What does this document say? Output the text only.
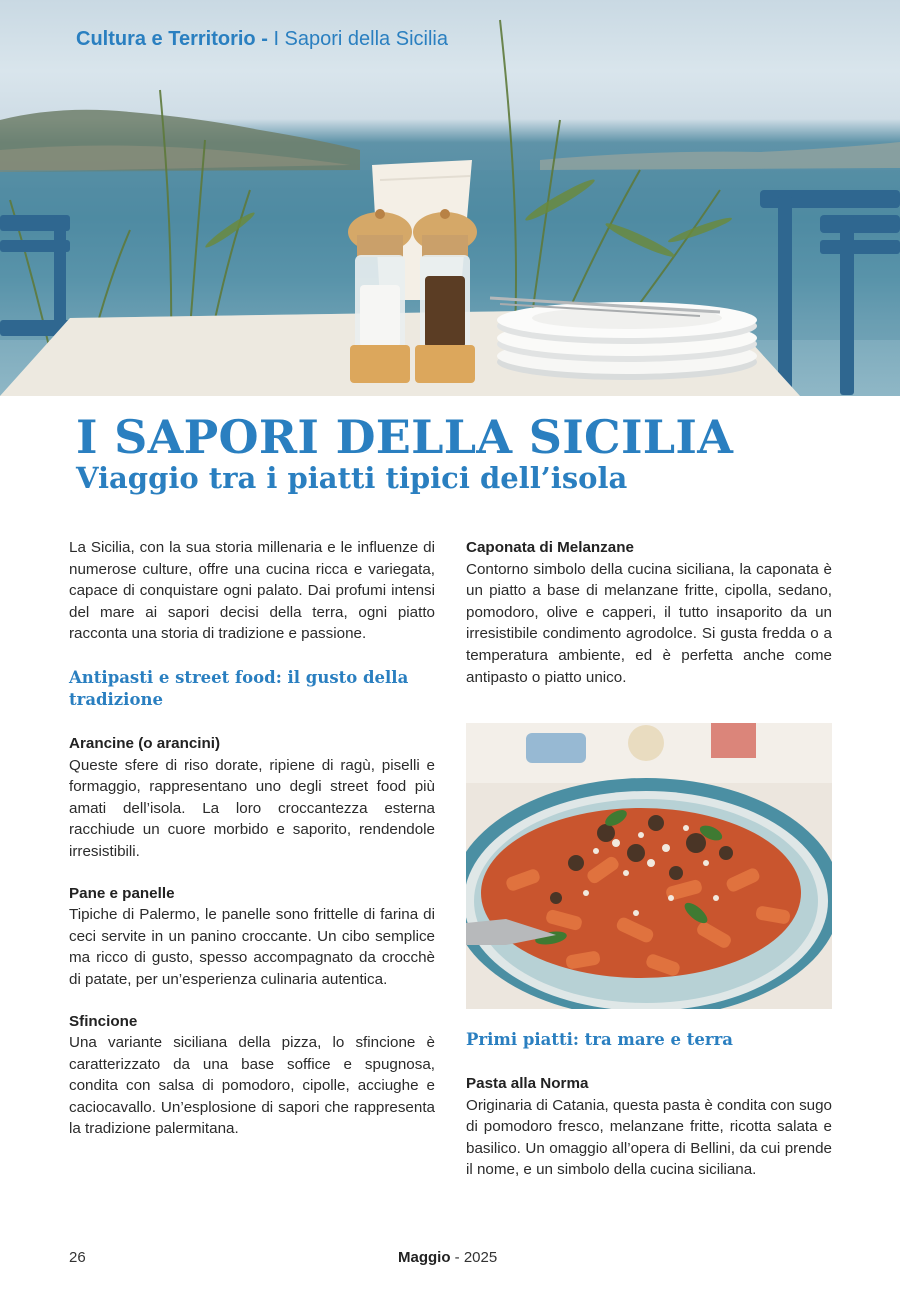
Cultura e Territorio - I Sapori della Sicilia
I SAPORI DELLA SICILIA
Viaggio tra i piatti tipici dell’isola

La Sicilia, con la sua storia millenaria e le influenze di numerose culture, offre una cucina ricca e variegata, capace di conquistare ogni palato. Dai profumi intensi del mare ai sapori decisi della terra, ogni piatto racconta una storia di tradizione e passione.

Antipasti e street food: il gusto della tradizione
Arancine (o arancini)

Queste sfere di riso dorate, ripiene di ragù, piselli e formaggio, rappresentano uno degli street food più amati dell’isola. La loro croccantezza esterna racchiude un cuore morbido e saporito, rendendole irresistibili.

Pane e panelle

Tipiche di Palermo, le panelle sono frittelle di farina di ceci servite in un panino croccante. Un cibo semplice ma ricco di gusto, spesso accompagnato da crocchè di patate, per un’esperienza culinaria autentica.

Sfincione

Una variante siciliana della pizza, lo sfincione è caratterizzato da una base soffice e spugnosa, condita con salsa di pomodoro, cipolle, acciughe e caciocavallo. Un’esplosione di sapori che rappresenta la tradizione palermitana.

Caponata di Melanzane

Contorno simbolo della cucina siciliana, la caponata è un piatto a base di melanzane fritte, cipolla, sedano, pomodoro, olive e capperi, il tutto insaporito da un irresistibile condimento agrodolce. Si gusta fredda o a temperatura ambiente, ed è perfetta anche come antipasto o piatto unico.

Primi piatti: tra mare e terra
Pasta alla Norma

Originaria di Catania, questa pasta è condita con sugo di pomodoro fresco, melanzane fritte, ricotta salata e basilico. Un omaggio all’opera di Bellini, da cui prende il nome, e un simbolo della cucina siciliana.

26	Maggio - 2025
